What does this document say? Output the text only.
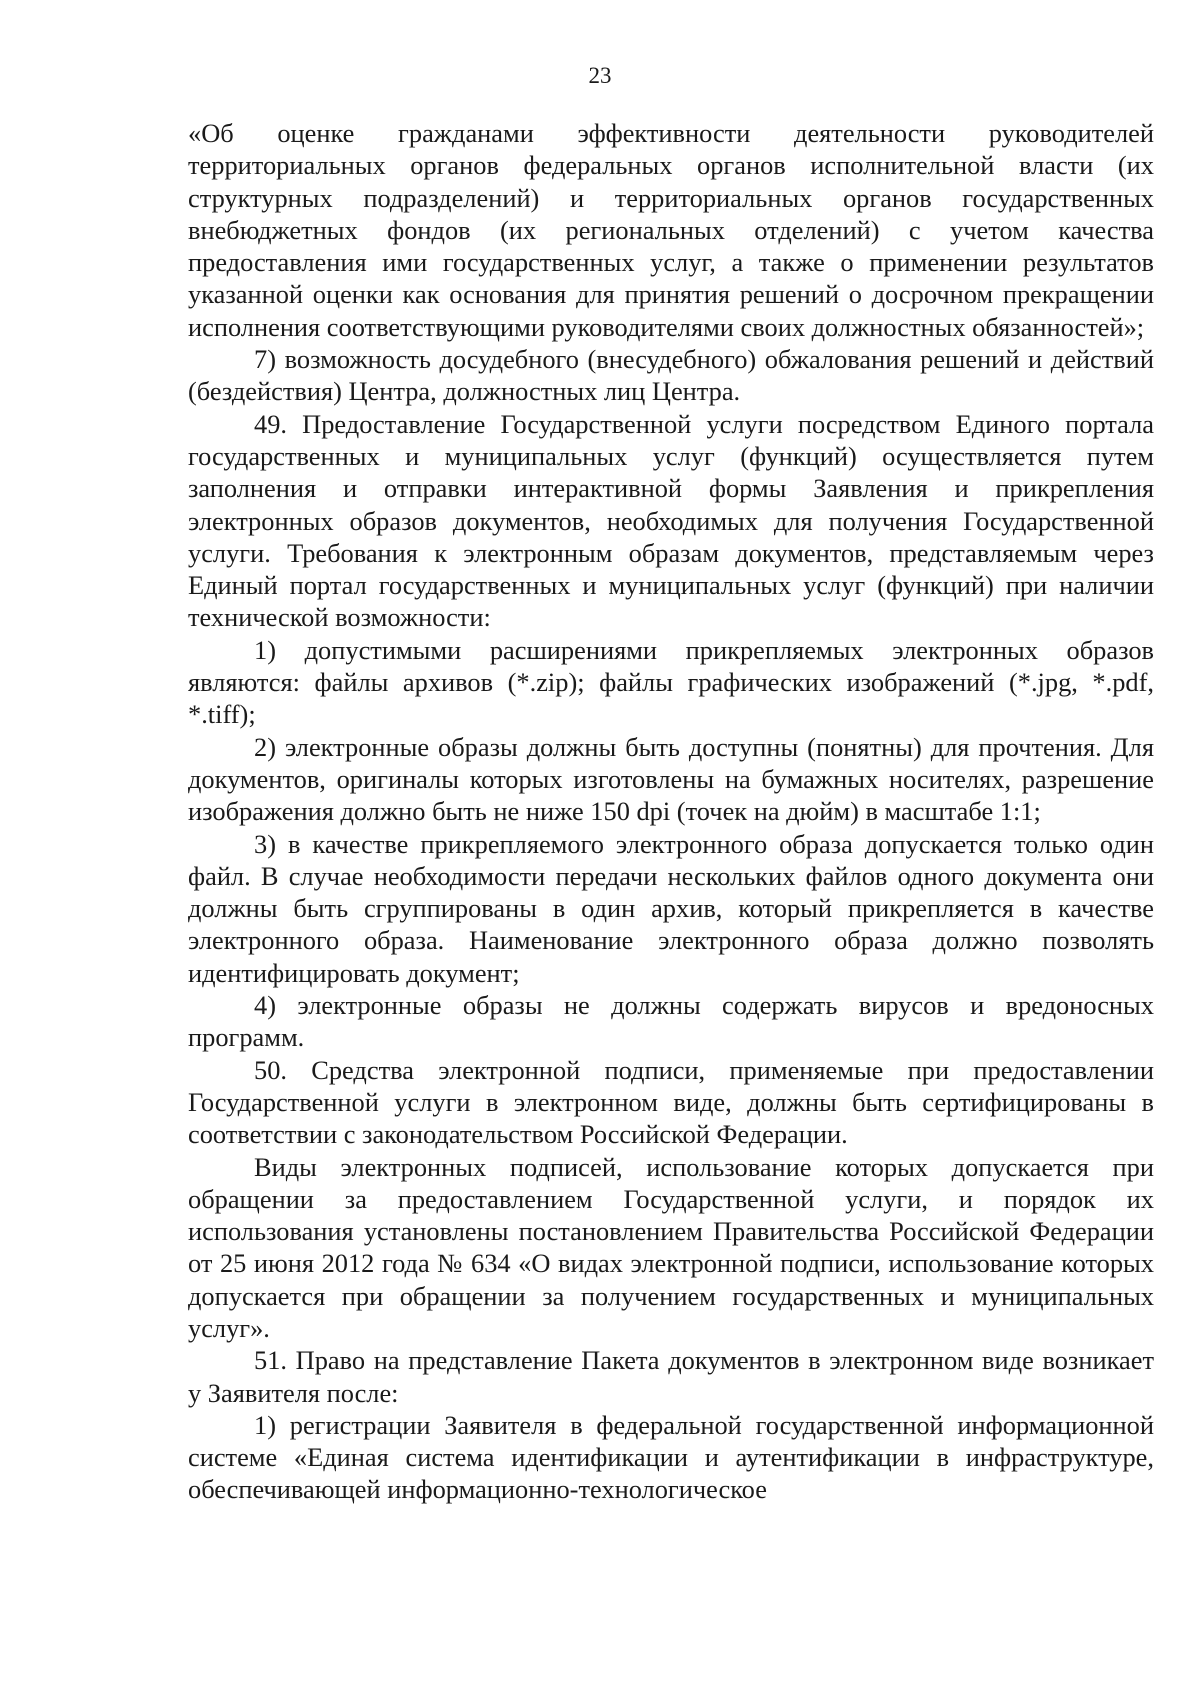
23

«Об оценке гражданами эффективности деятельности руководителей территориальных органов федеральных органов исполнительной власти (их структурных подразделений) и территориальных органов государственных внебюджетных фондов (их региональных отделений) с учетом качества предоставления ими государственных услуг, а также о применении результатов указанной оценки как основания для принятия решений о досрочном прекращении исполнения соответствующими руководителями своих должностных обязанностей»;

7) возможность досудебного (внесудебного) обжалования решений и действий (бездействия) Центра, должностных лиц Центра.

49. Предоставление Государственной услуги посредством Единого портала государственных и муниципальных услуг (функций) осуществляется путем заполнения и отправки интерактивной формы Заявления и прикрепления электронных образов документов, необходимых для получения Государственной услуги. Требования к электронным образам документов, представляемым через Единый портал государственных и муниципальных услуг (функций) при наличии технической возможности:

1) допустимыми расширениями прикрепляемых электронных образов являются: файлы архивов (*.zip); файлы графических изображений (*.jpg, *.pdf, *.tiff);

2) электронные образы должны быть доступны (понятны) для прочтения. Для документов, оригиналы которых изготовлены на бумажных носителях, разрешение изображения должно быть не ниже 150 dpi (точек на дюйм) в масштабе 1:1;

3) в качестве прикрепляемого электронного образа допускается только один файл. В случае необходимости передачи нескольких файлов одного документа они должны быть сгруппированы в один архив, который прикрепляется в качестве электронного образа. Наименование электронного образа должно позволять идентифицировать документ;

4) электронные образы не должны содержать вирусов и вредоносных программ.

50. Средства электронной подписи, применяемые при предоставлении Государственной услуги в электронном виде, должны быть сертифицированы в соответствии с законодательством Российской Федерации.

Виды электронных подписей, использование которых допускается при обращении за предоставлением Государственной услуги, и порядок их использования установлены постановлением Правительства Российской Федерации от 25 июня 2012 года № 634 «О видах электронной подписи, использование которых допускается при обращении за получением государственных и муниципальных услуг».

51. Право на представление Пакета документов в электронном виде возникает у Заявителя после:

1) регистрации Заявителя в федеральной государственной информационной системе «Единая система идентификации и аутентификации в инфраструктуре, обеспечивающей информационно-технологическое
